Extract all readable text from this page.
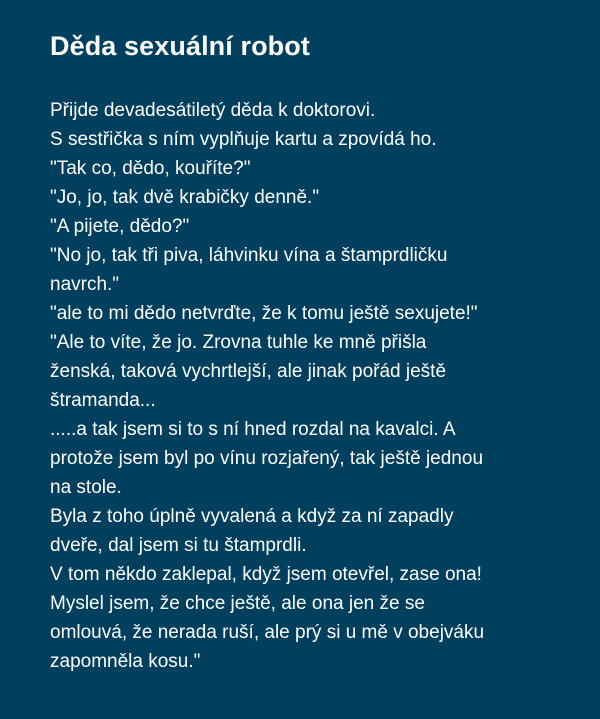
Děda sexuální robot
Přijde devadesátiletý děda k doktorovi.
S sestřička s ním vyplňuje kartu a zpovídá ho.
"Tak co, dědo, kouříte?"
"Jo, jo, tak dvě krabičky denně."
"A pijete, dědo?"
"No jo, tak tři piva, láhvinku vína a štamprdličku
navrch."
"ale to mi dědo netvrďte, že k tomu ještě sexujete!"
"Ale to víte, že jo. Zrovna tuhle ke mně přišla
ženská, taková vychrtlejší, ale jinak pořád ještě
štramanda...
.....a tak jsem si to s ní hned rozdal na kavalci. A
protože jsem byl po vínu rozjařený, tak ještě jednou
na stole.
Byla z toho úplně vyvalená a když za ní zapadly
dveře, dal jsem si tu štamprdli.
V tom někdo zaklepal, když jsem otevřel, zase ona!
Myslel jsem, že chce ještě, ale ona jen že se
omlouvá, že nerada ruší, ale prý si u mě v obejváku
zapomněla kosu."
